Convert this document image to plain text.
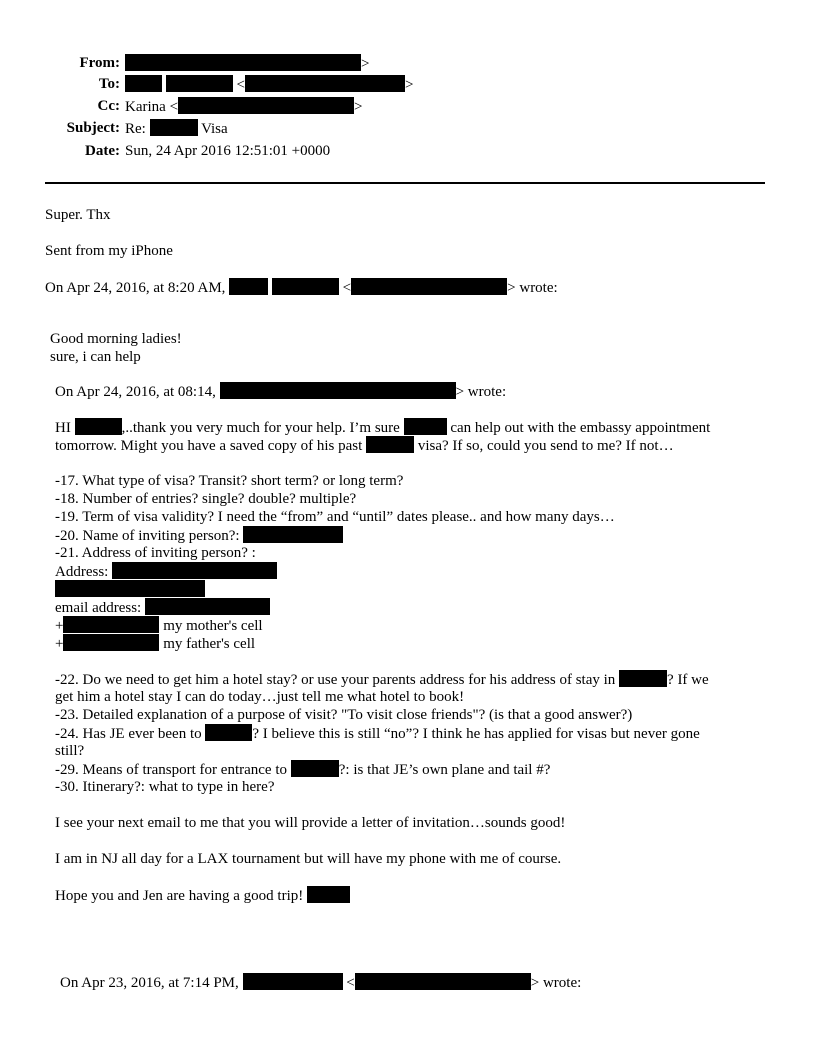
From:	>
To:	<	>
Cc: Karina <	>
Subject: Re:	Visa
Date: Sun, 24 Apr 2016 12:51:01 +0000
Super. Thx
Sent from my iPhone
On Apr 24, 2016, at 8:20 AM,	<	> wrote:
Good morning ladies!
sure, i can help
On Apr 24, 2016, at 08:14,	> wrote:
HI	,..thank you very much for your help. I’m sure	can help out with the embassy appointment
tomorrow. Might you have a saved copy of his past	visa? If so, could you send to me? If not…
-17. What type of visa? Transit? short term? or long term?
-18. Number of entries? single? double? multiple?
-19. Term of visa validity? I need the “from” and “until” dates please.. and how many days…
-20. Name of inviting person?:
-21. Address of inviting person? :
Address:
email address:
+	my mother's cell
+	my father's cell
-22. Do we need to get him a hotel stay? or use your parents address for his address of stay in	? If we
get him a hotel stay I can do today…just tell me what hotel to book!
-23. Detailed explanation of a purpose of visit? "To visit close friends"? (is that a good answer?)
-24. Has JE ever been to	? I believe this is still “no”? I think he has applied for visas but never gone
still?
-29. Means of transport for entrance to	?: is that JE’s own plane and tail #?
-30. Itinerary?: what to type in here?
I see your next email to me that you will provide a letter of invitation…sounds good!
I am in NJ all day for a LAX tournament but will have my phone with me of course.
Hope you and Jen are having a good trip!
On Apr 23, 2016, at 7:14 PM,	<	> wrote:
